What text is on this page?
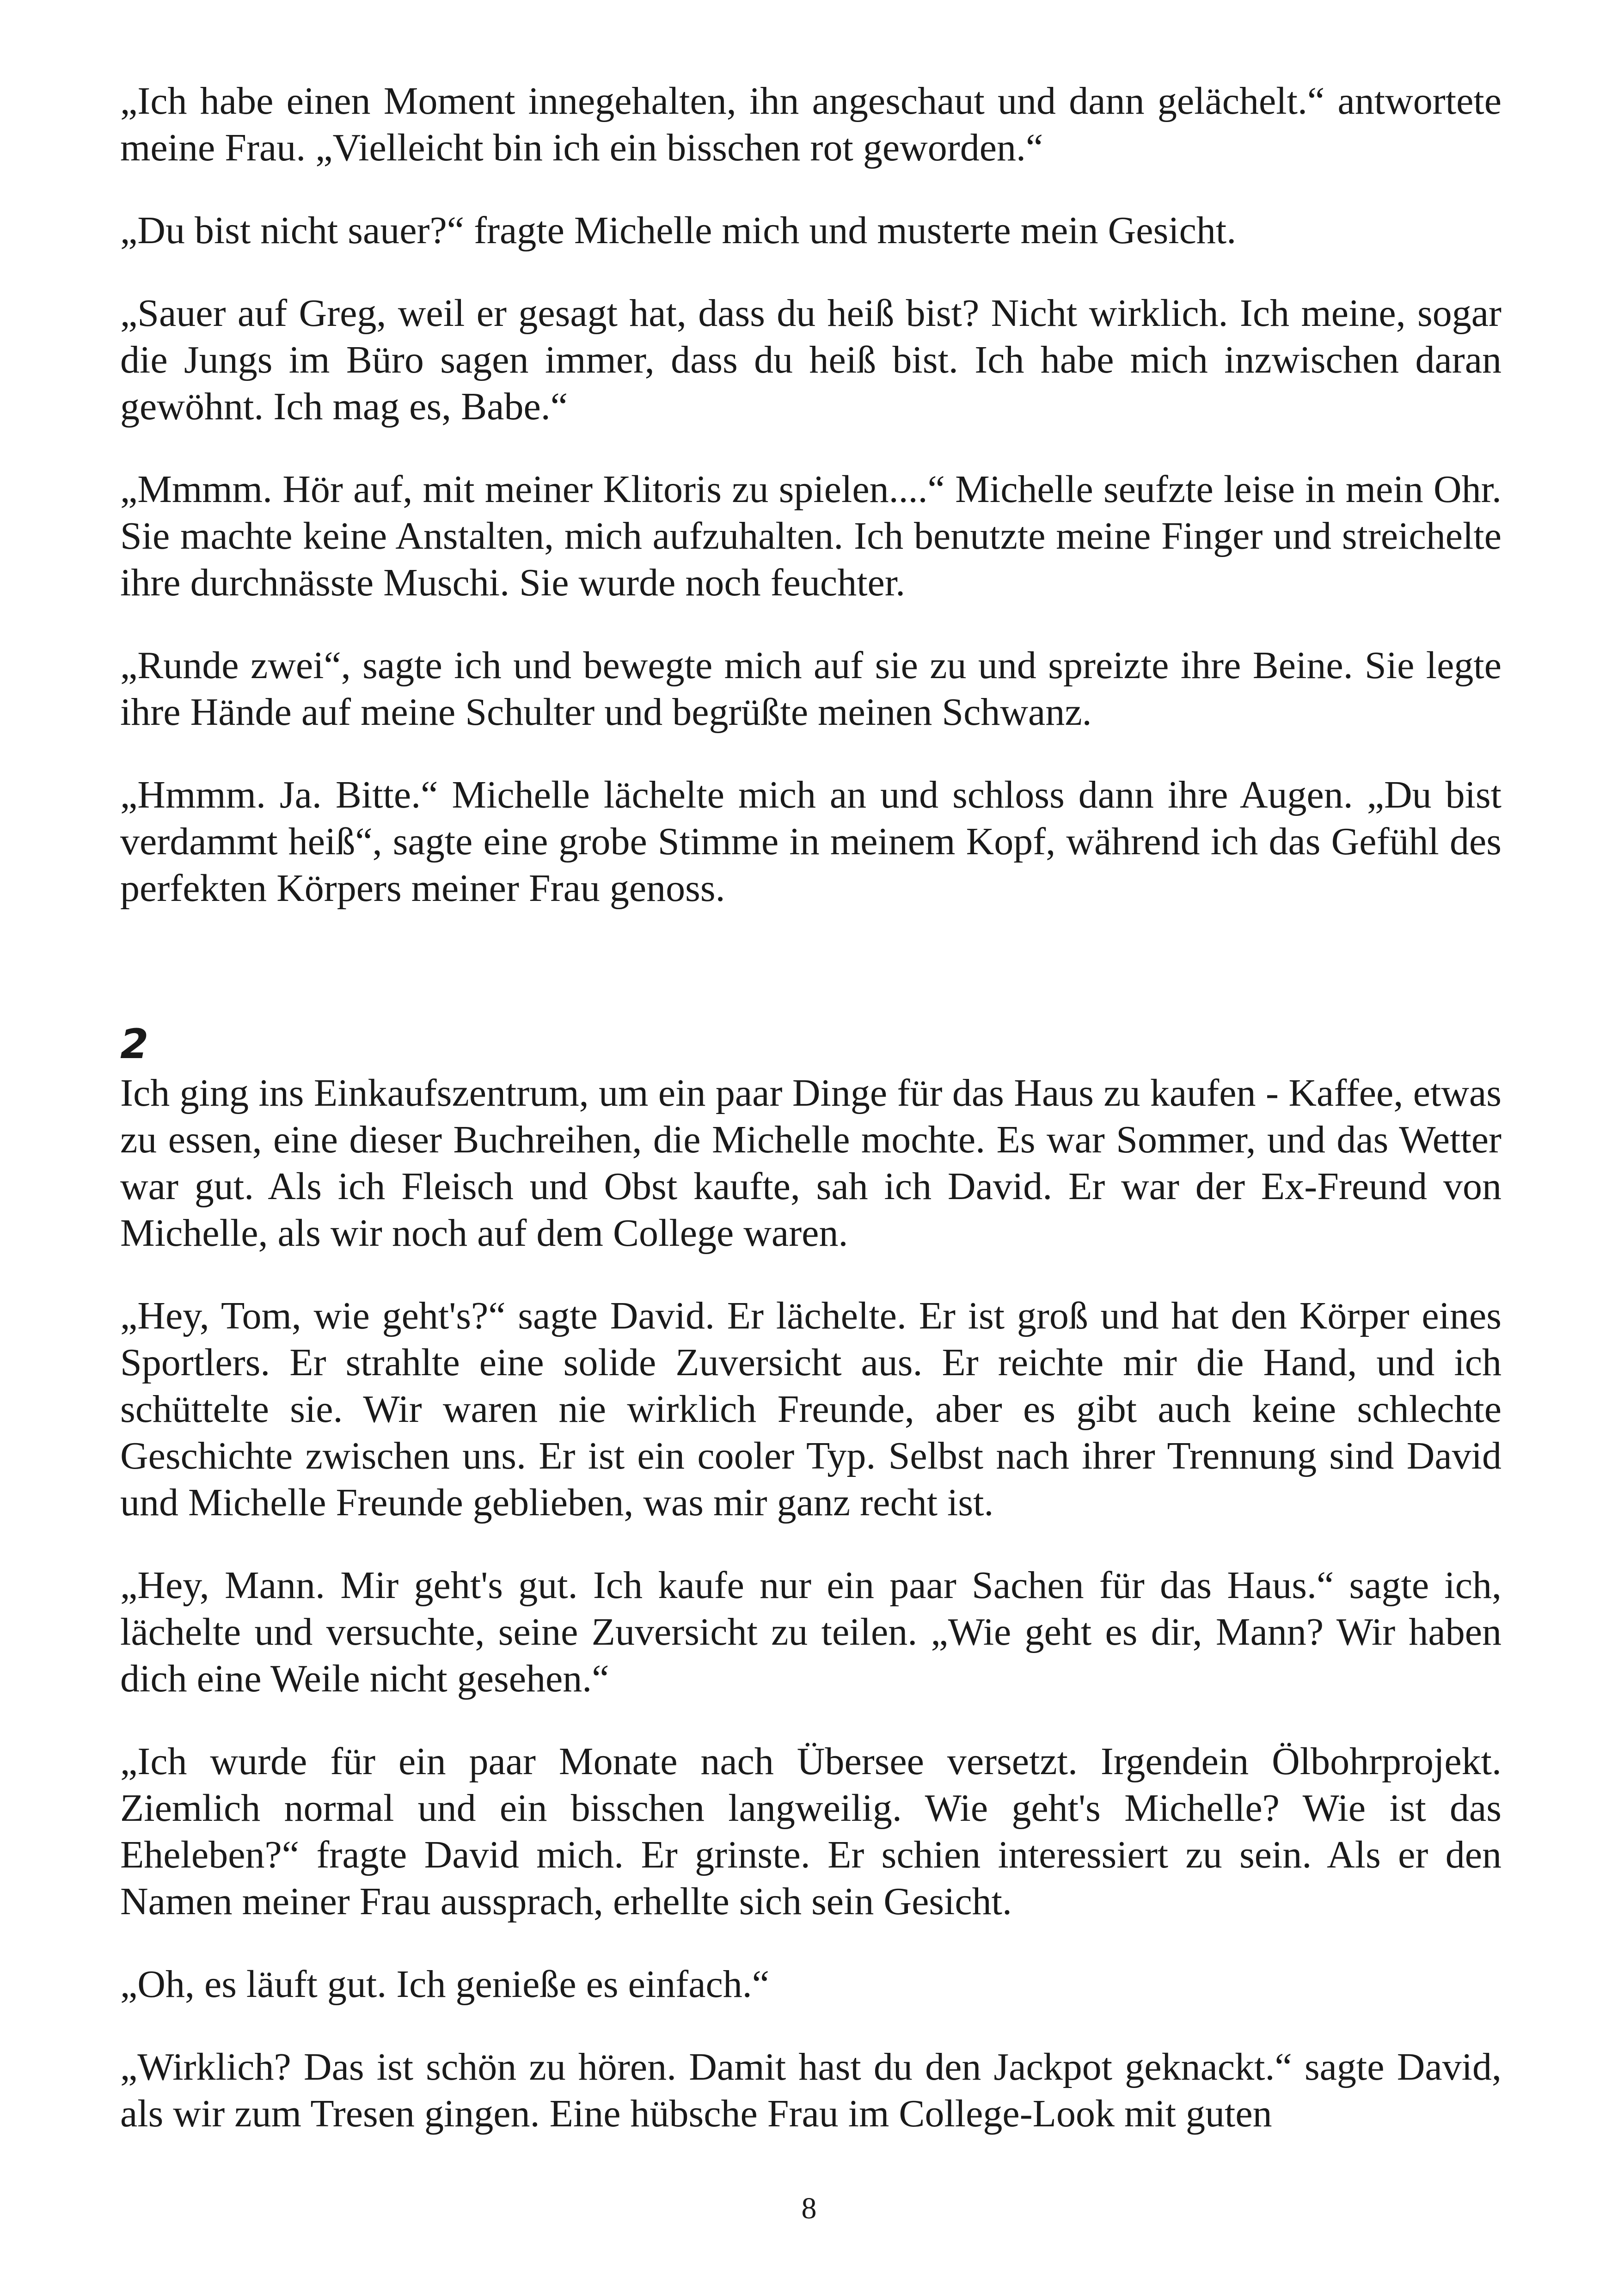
„Ich habe einen Moment innegehalten, ihn angeschaut und dann gelächelt.“ antwortete meine Frau. „Vielleicht bin ich ein bisschen rot geworden.“

„Du bist nicht sauer?“ fragte Michelle mich und musterte mein Gesicht.

„Sauer auf Greg, weil er gesagt hat, dass du heiß bist? Nicht wirklich. Ich meine, sogar die Jungs im Büro sagen immer, dass du heiß bist. Ich habe mich inzwischen daran gewöhnt. Ich mag es, Babe.“

„Mmmm. Hör auf, mit meiner Klitoris zu spielen....“ Michelle seufzte leise in mein Ohr. Sie machte keine Anstalten, mich aufzuhalten. Ich benutzte meine Finger und streichelte ihre durchnässte Muschi. Sie wurde noch feuchter.

„Runde zwei“, sagte ich und bewegte mich auf sie zu und spreizte ihre Beine. Sie legte ihre Hände auf meine Schulter und begrüßte meinen Schwanz.

„Hmmm. Ja. Bitte.“ Michelle lächelte mich an und schloss dann ihre Augen. „Du bist verdammt heiß“, sagte eine grobe Stimme in meinem Kopf, während ich das Gefühl des perfekten Körpers meiner Frau genoss.

2

Ich ging ins Einkaufszentrum, um ein paar Dinge für das Haus zu kaufen - Kaffee, etwas zu essen, eine dieser Buchreihen, die Michelle mochte. Es war Sommer, und das Wetter war gut. Als ich Fleisch und Obst kaufte, sah ich David. Er war der Ex-Freund von Michelle, als wir noch auf dem College waren.

„Hey, Tom, wie geht's?“ sagte David. Er lächelte. Er ist groß und hat den Körper eines Sportlers. Er strahlte eine solide Zuversicht aus. Er reichte mir die Hand, und ich schüttelte sie. Wir waren nie wirklich Freunde, aber es gibt auch keine schlechte Geschichte zwischen uns. Er ist ein cooler Typ. Selbst nach ihrer Trennung sind David und Michelle Freunde geblieben, was mir ganz recht ist.

„Hey, Mann. Mir geht's gut. Ich kaufe nur ein paar Sachen für das Haus.“ sagte ich, lächelte und versuchte, seine Zuversicht zu teilen. „Wie geht es dir, Mann? Wir haben dich eine Weile nicht gesehen.“

„Ich wurde für ein paar Monate nach Übersee versetzt. Irgendein Ölbohrprojekt. Ziemlich normal und ein bisschen langweilig. Wie geht's Michelle? Wie ist das Eheleben?“ fragte David mich. Er grinste. Er schien interessiert zu sein. Als er den Namen meiner Frau aussprach, erhellte sich sein Gesicht.

„Oh, es läuft gut. Ich genieße es einfach.“

„Wirklich? Das ist schön zu hören. Damit hast du den Jackpot geknackt.“ sagte David, als wir zum Tresen gingen. Eine hübsche Frau im College-Look mit guten

8
